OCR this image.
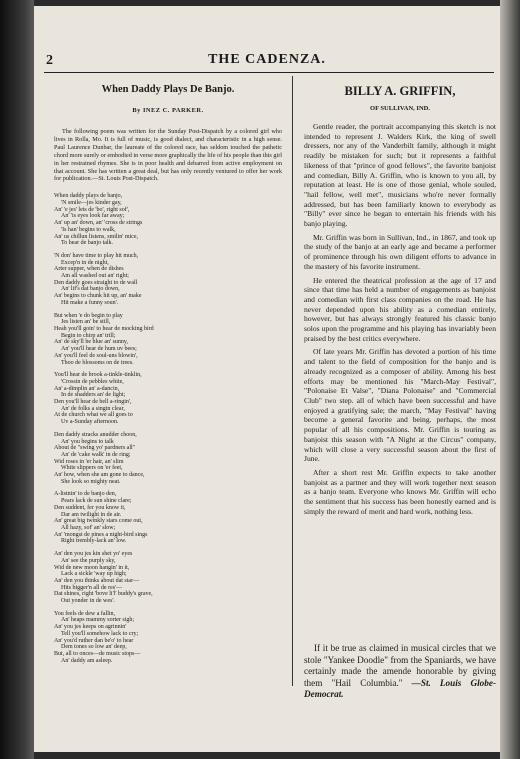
2	THE CADENZA.
When Daddy Plays De Banjo.
By INEZ C. PARKER.
The following poem was written for the Sunday Post-Dispatch by a colored girl who lives in Rolla, Mo. It is full of music, is good dialect, and characteristic in a high sense. Paul Laurence Dunbar, the laureate of the colored race, has seldom touched the pathetic chord more surely or embodied in verse more graphically the life of his people than this girl in her restrained rhymes. She is in poor health and debarred from active employment on that account. She has written a great deal, but has only recently ventured to offer her work for publication.—St. Louis Post-Dispatch.
When daddy plays de banjo,
'N smile—jes kinder gay,
An' 'e jes' lets de 'bo', right sof',
An' 'is eyes look far away;
An' up an' down, an' 'cross de strings
'Is han' begins to walk,
An' us chillun listens, smilin' mice,
To hear de banjo talk.
'N don' have time to play hit much,
Excep'n in de night,
Arter supper, when de dishes
Am all washed out an' right;
Den daddy goes straight to de wall
An' lif's dat banjo down,
An' begins to chunk hit up, an' make
Hit make a funny soun'.
But when 'e do begin to play
Jes listen an' be still,
Heah you'll goin' to hear de mocking bird
Begin to chirp an' trill;
An' de sky'll be blue an' sunny,
An' you'll hear de hum uv bees;
An' you'll feel de soul-uns blowin',
Thoo de blossoms on de trees.
You'll hear de brook a-tinkle-tinklin,
'Crossin de pebbles white,
An' a-dimplin an' a-dancin,
In de shadders an' de light;
Den you'll hear de bell a-ringin',
An' de folks a singin clear,
At de church what we all goes to
Uv a-Sunday afternoon.
Den daddy stracks anudder choon,
An' you begins to talk
About de "swing yo' pardners all"
An' de 'cake walk' in de ring;
Wid roses in 'er hair, an' slim
White slippers on 'er feet,
An' how, when she am gone to dance,
She look so mighty neat.
A-listnin' to de banjo den,
Pears lack de sun shine clare;
Den suddent, fer you know it,
Dar am twilight in de air.
An' great big twinkly stars come out,
All hazy, sof' an' slow;
An' 'mongst de pines a night-bird sings
Right trembly-lack an' low.
An' den you jes kin shet yo' eyes
An' see the purply sky,
Wid de new moon hangin' in it,
Lack a sickle 'way up high;
An' den you thinks about dat star—
Hits bigger'n all de res'—
Dat shines, right 'bove li'l' buddy's grave,
Out yonder in de wes'.
You feels de dew a fallin,
An' heaps mammy sorter sigh;
An' you jes keeps on agrinnin'
Tell you'll somehow lack to cry;
An' you'd ruther dan be'o' to hear
Dem tones so low an' deep,
But, all to onces—de music stops—
An' daddy am asleep.
BILLY A. GRIFFIN,
OF SULLIVAN, IND.
Gentle reader, the portrait accompanying this sketch is not intended to represent J. Walders Kirk, the king of swell dressers, nor any of the Vanderbilt family, although it might readily be mistaken for such; but it represents a faithful likeness of that "prince of good fellows", the favorite banjoist and comedian, Billy A. Griffin, who is known to you all, by reputation at least. He is one of those genial, whole souled, "hail fellow, well met", musicians who're never formally addressed, but has been familiarly known to everybody as "Billy" ever since he began to entertain his friends with his banjo playing.
Mr. Griffin was born in Sullivan, Ind., in 1867, and took up the study of the banjo at an early age and became a performer of prominence through his own diligent efforts to advance in the mastery of his favorite instrument.
He entered the theatrical profession at the age of 17 and since that time has held a number of engagements as banjoist and comedian with first class companies on the road. He has never depended upon his ability as a comedian entirely, however, but has always strongly featured his classic banjo solos upon the programme and his playing has invariably been praised by the best critics everywhere.
Of late years Mr. Griffin has devoted a portion of his time and talent to the field of composition for the banjo and is already recognized as a composer of ability. Among his best efforts may be mentioned his "March-May Festival", "Polonaise Et Valse", "Diana Polonaise" and "Commercial Club" two step. all of which have been successful and have enjoyed a gratifying sale; the march, "May Festival" having become a general favorite and being. perhaps, the most popular of all his compositions. Mr. Griffin is touring as banjoist this season with "A Night at the Circus" company, which will close a very successful season about the first of June.
After a short rest Mr. Griffin expects to take another banjoist as a partner and they will work together next season as a banjo team. Everyone who knows Mr. Griffin will echo the sentiment that his success has been honestly earned and is simply the reward of merit and hard work, nothing less.
If it be true as claimed in musical circles that we stole "Yankee Doodle" from the Spaniards, we have certainly made the amende honorable by giving them "Hail Columbia." —St. Louis Globe-Democrat.
